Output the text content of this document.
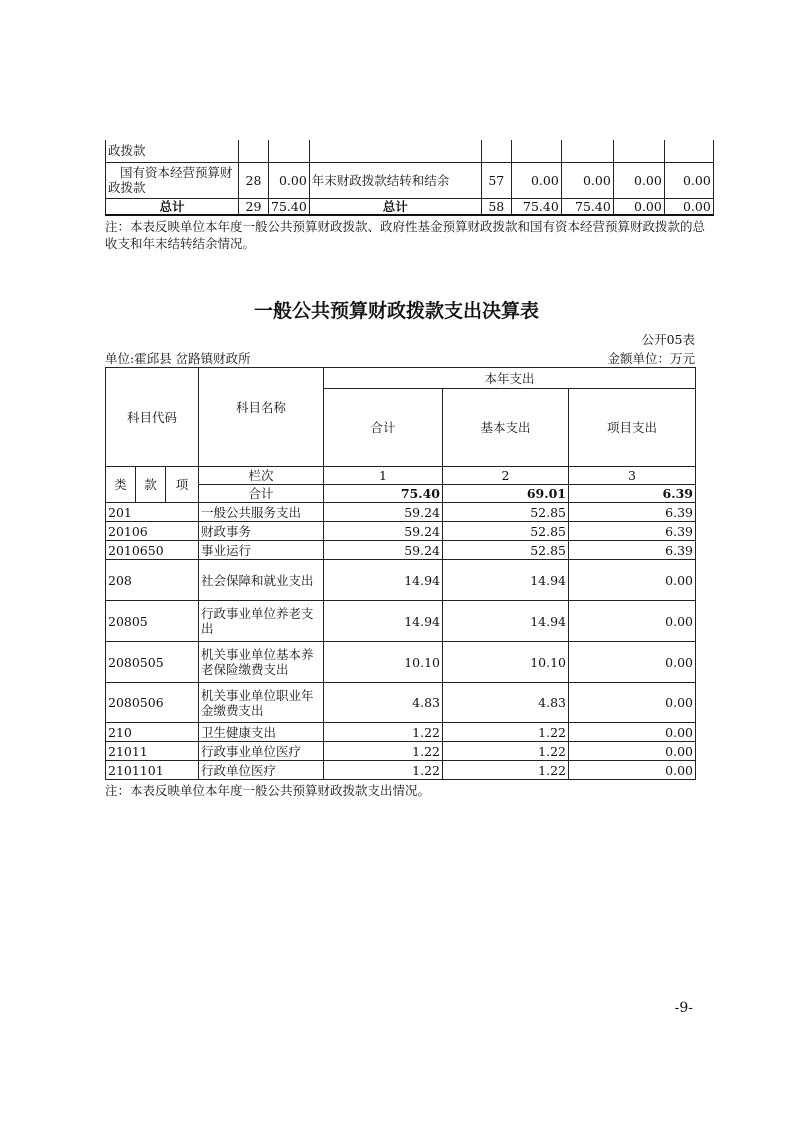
政拨款								
国有资本经营预算财政拨款	28	0.00	年末财政拨款结转和结余	57	0.00	0.00	0.00	0.00
总计	29	75.40	总计	58	75.40	75.40	0.00	0.00
注：本表反映单位本年度一般公共预算财政拨款、政府性基金预算财政拨款和国有资本经营预算财政拨款的总收支和年末结转结余情况。
一般公共预算财政拨款支出决算表
公开05表
单位:霍邱县 岔路镇财政所	金额单位：万元
科目代码			科目名称	本年支出		
				合计	基本支出	项目支出
类	款	项	栏次	1	2	3
			合计	75.40	69.01	6.39
201			一般公共服务支出	59.24	52.85	6.39
20106			财政事务	59.24	52.85	6.39
2010650			事业运行	59.24	52.85	6.39
208			社会保障和就业支出	14.94	14.94	0.00
20805			行政事业单位养老支出	14.94	14.94	0.00
2080505			机关事业单位基本养老保险缴费支出	10.10	10.10	0.00
2080506			机关事业单位职业年金缴费支出	4.83	4.83	0.00
210			卫生健康支出	1.22	1.22	0.00
21011			行政事业单位医疗	1.22	1.22	0.00
2101101			行政单位医疗	1.22	1.22	0.00
注：本表反映单位本年度一般公共预算财政拨款支出情况。
-9-
